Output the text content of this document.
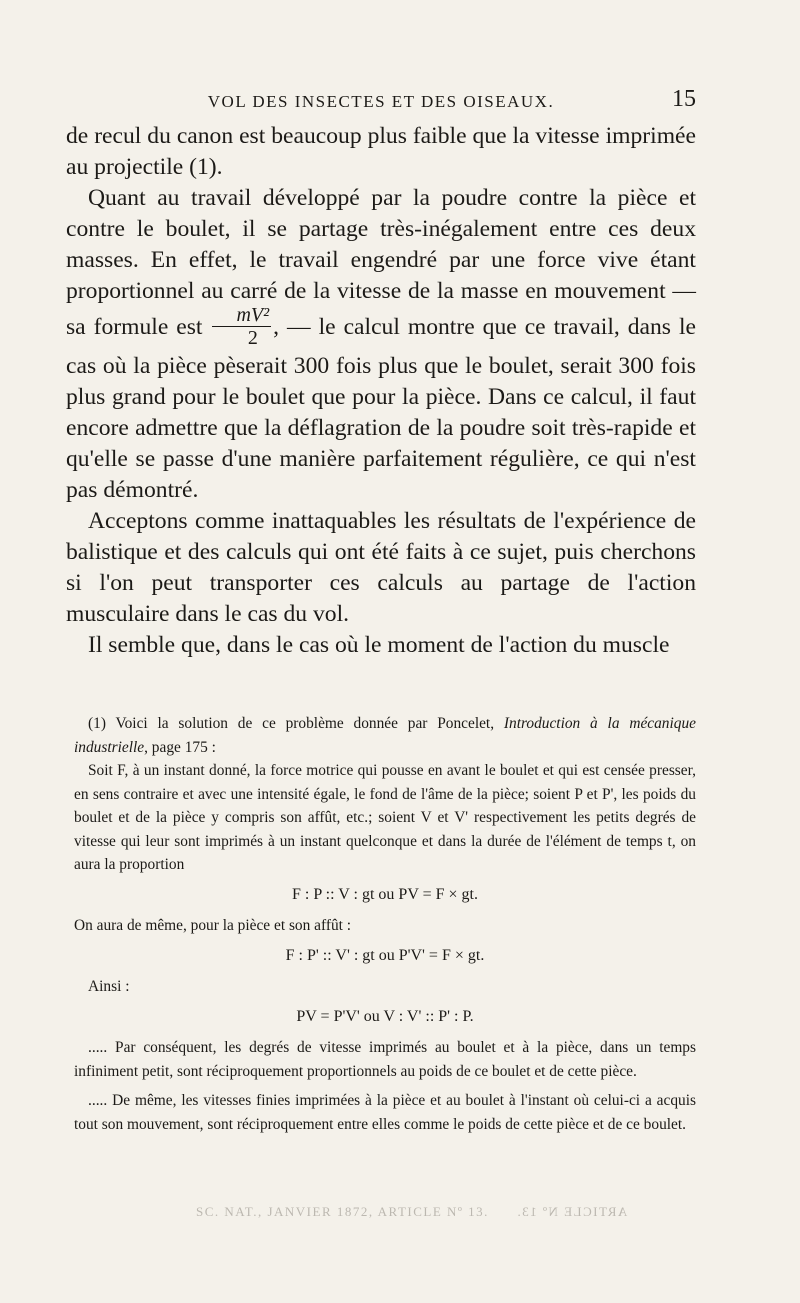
VOL DES INSECTES ET DES OISEAUX.	15

de recul du canon est beaucoup plus faible que la vitesse imprimée au projectile (1).

Quant au travail développé par la poudre contre la pièce et contre le boulet, il se partage très-inégalement entre ces deux masses. En effet, le travail engendré par une force vive étant proportionnel au carré de la vitesse de la masse en mouvement — sa formule est $\frac{\text{mV²}}{2}$ , — le calcul montre que ce travail, dans le cas où la pièce pèserait 300 fois plus que le boulet, serait 300 fois plus grand pour le boulet que pour la pièce. Dans ce calcul, il faut encore admettre que la déflagration de la poudre soit très-rapide et qu'elle se passe d'une manière parfaitement régulière, ce qui n'est pas démontré.

Acceptons comme inattaquables les résultats de l'expérience de balistique et des calculs qui ont été faits à ce sujet, puis cherchons si l'on peut transporter ces calculs au partage de l'action musculaire dans le cas du vol.

Il semble que, dans le cas où le moment de l'action du muscle

(1) Voici la solution de ce problème donnée par Poncelet, Introduction à la mécanique industrielle, page 175 :

Soit F, à un instant donné, la force motrice qui pousse en avant le boulet et qui est censée presser, en sens contraire et avec une intensité égale, le fond de l'âme de la pièce; soient P et P', les poids du boulet et de la pièce y compris son affût, etc.; soient V et V' respectivement les petits degrés de vitesse qui leur sont imprimés à un instant quelconque et dans la durée de l'élément de temps t, on aura la proportion

F : P :: V : gt ou PV = F × gt.

On aura de même, pour la pièce et son affût :

F : P' :: V' : gt ou P'V' = F × gt.

Ainsi :

PV = P'V' ou V : V' :: P' : P.

..... Par conséquent, les degrés de vitesse imprimés au boulet et à la pièce, dans un temps infiniment petit, sont réciproquement proportionnels au poids de ce boulet et de cette pièce.

..... De même, les vitesses finies imprimées à la pièce et au boulet à l'instant où celui-ci a acquis tout son mouvement, sont réciproquement entre elles comme le poids de cette pièce et de ce boulet.

SC. NAT., JANVIER 1872, ARTICLE Nº 13. ARTICLE Nº 13.
